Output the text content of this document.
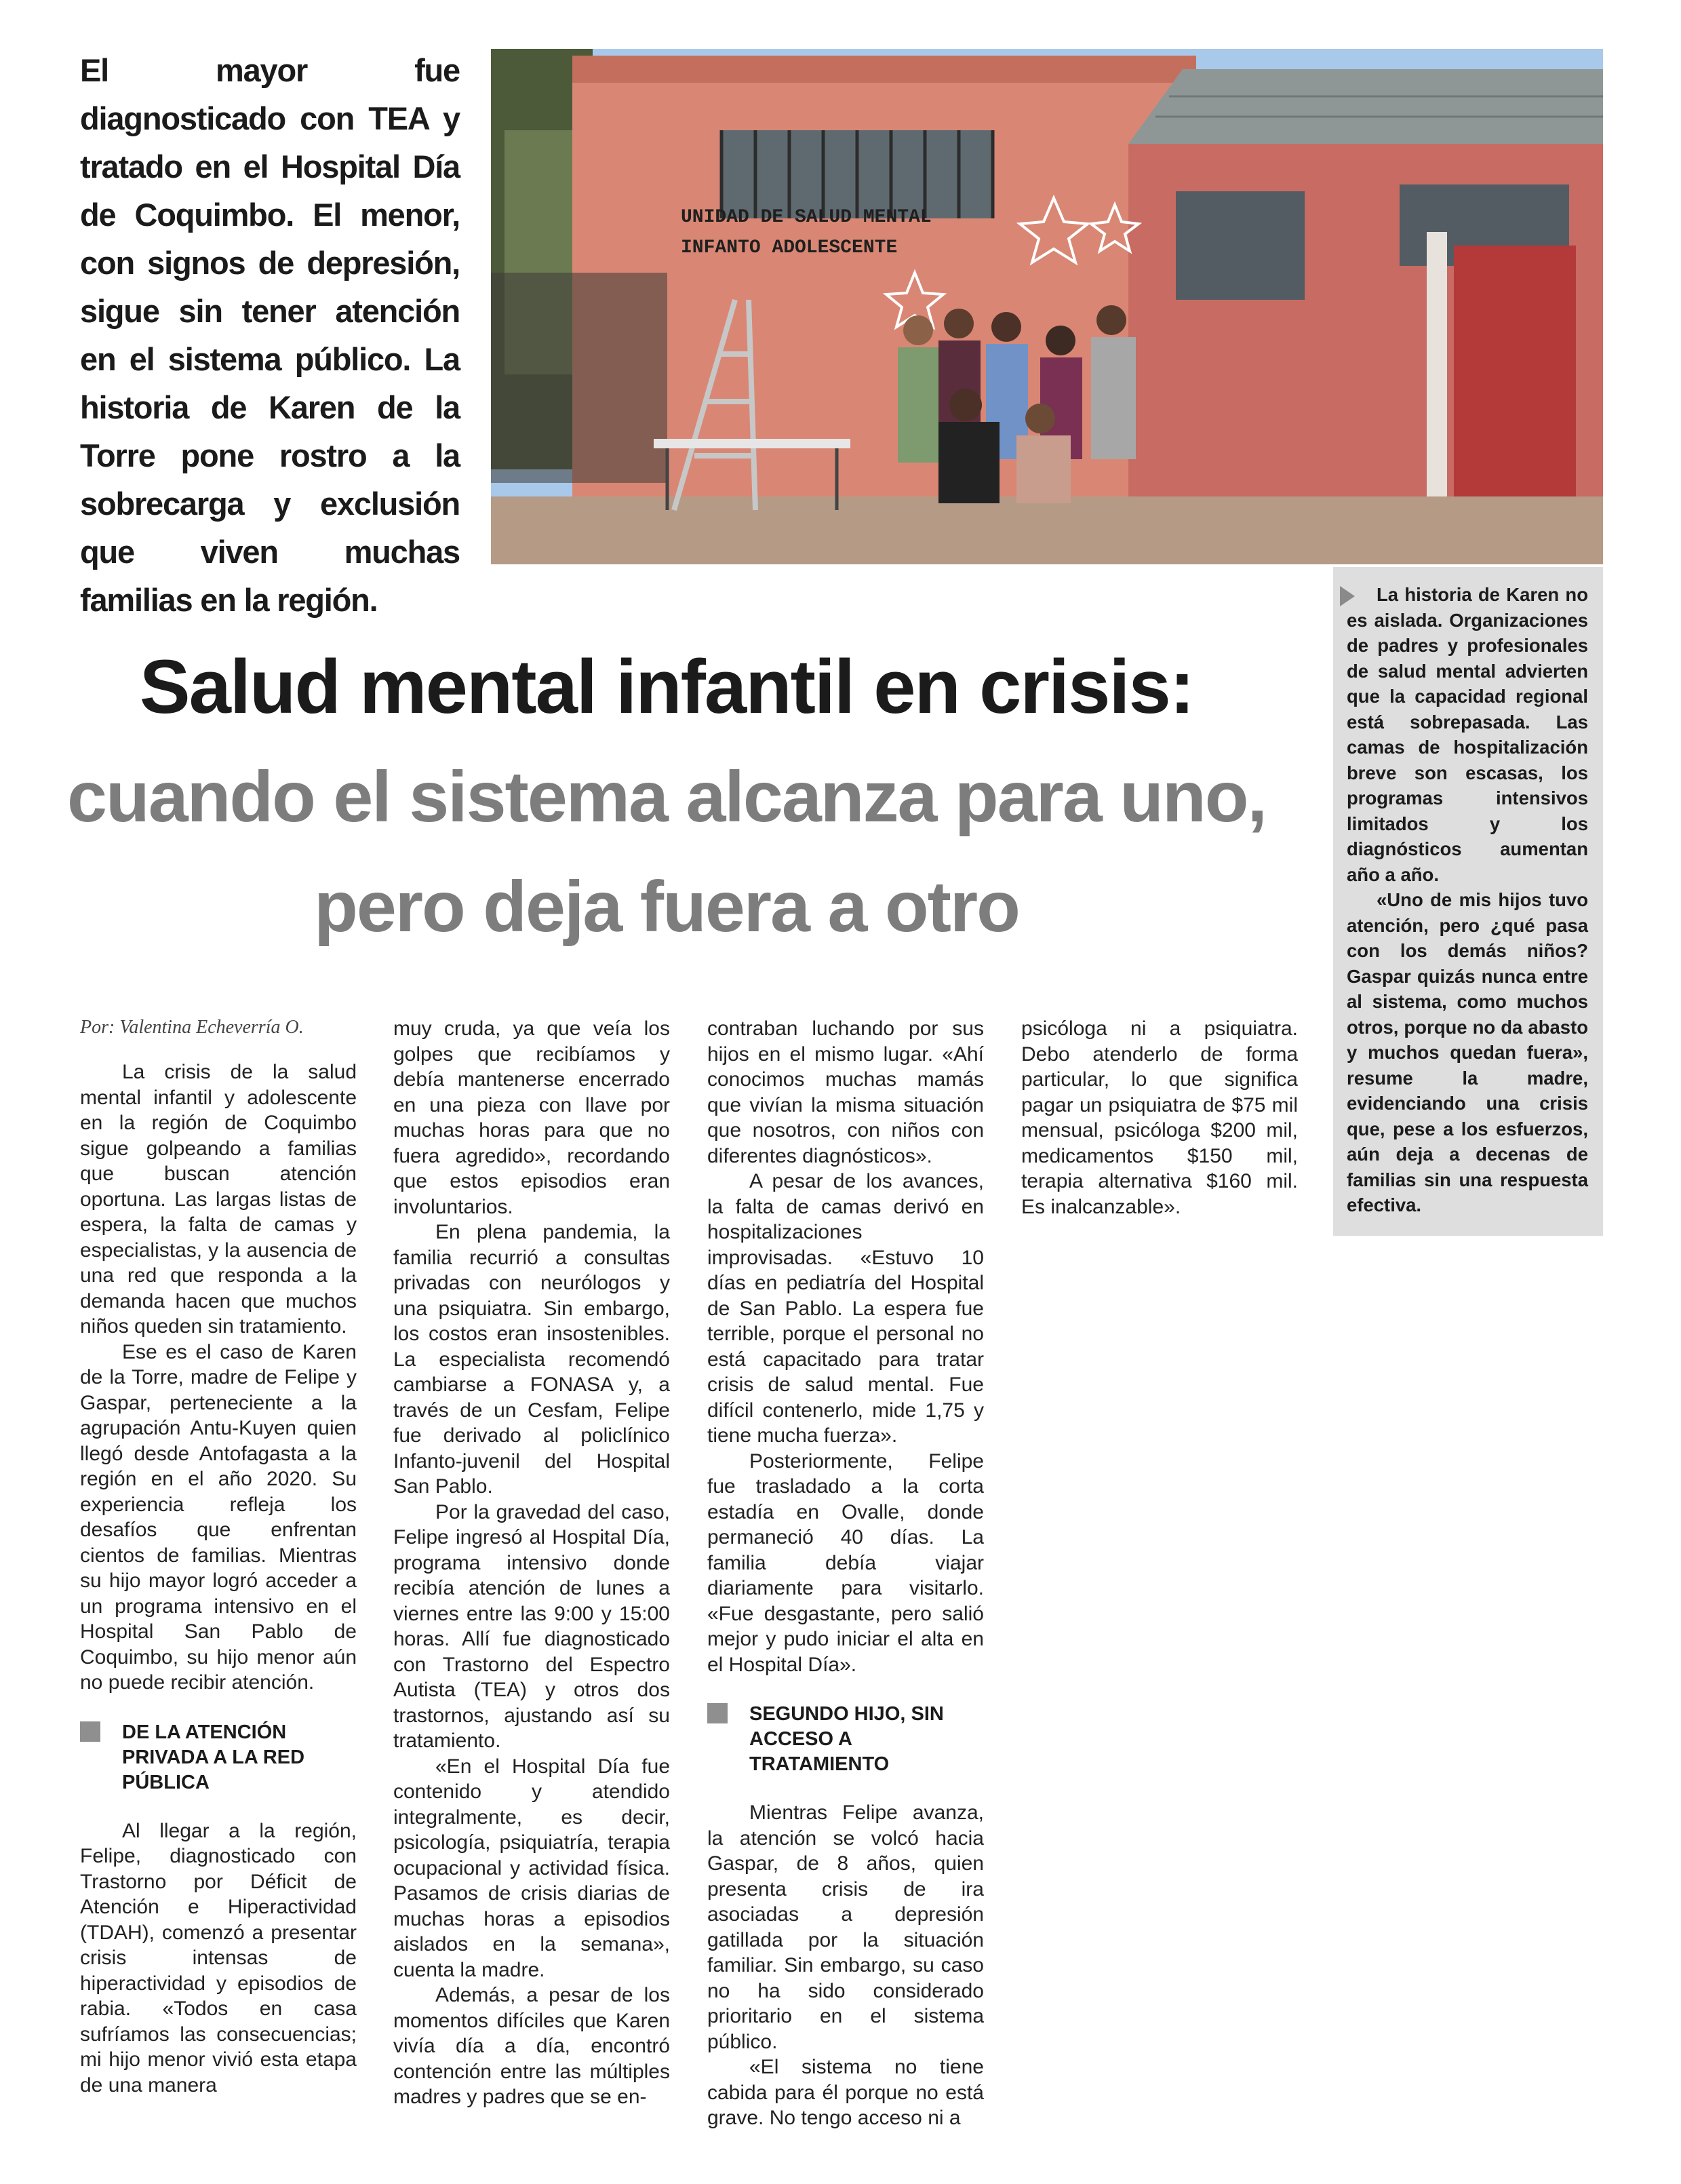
El mayor fue diagnosticado con TEA y tratado en el Hospital Día de Coquimbo. El menor, con signos de depresión, sigue sin tener atención en el sistema público. La historia de Karen de la Torre pone rostro a la sobrecarga y exclusión que viven muchas familias en la región.
UNIDAD DE SALUD MENTAL
INFANTO ADOLESCENTE

La historia de Karen no es aislada. Organizaciones de padres y profesionales de salud mental advierten que la capacidad regional está sobrepasada. Las camas de hospitalización breve son escasas, los programas intensivos limitados y los diagnósticos aumentan año a año.

«Uno de mis hijos tuvo atención, pero ¿qué pasa con los demás niños? Gaspar quizás nunca entre al sistema, como muchos otros, porque no da abasto y muchos quedan fuera», resume la madre, evidenciando una crisis que, pese a los esfuerzos, aún deja a decenas de familias sin una respuesta efectiva.

Salud mental infantil en crisis:
cuando el sistema alcanza para uno,
pero deja fuera a otro
Por: Valentina Echeverría O.

La crisis de la salud mental infantil y adolescente en la región de Coquimbo sigue golpeando a familias que buscan atención oportuna. Las largas listas de espera, la falta de camas y especialistas, y la ausencia de una red que responda a la demanda hacen que muchos niños queden sin tratamiento.

Ese es el caso de Karen de la Torre, madre de Felipe y Gaspar, perteneciente a la agrupación Antu-Kuyen quien llegó desde Antofagasta a la región en el año 2020. Su experiencia refleja los desafíos que enfrentan cientos de familias. Mientras su hijo mayor logró acceder a un programa intensivo en el Hospital San Pablo de Coquimbo, su hijo menor aún no puede recibir atención.

DE LA ATENCIÓN PRIVADA A LA RED PÚBLICA

Al llegar a la región, Felipe, diagnosticado con Trastorno por Déficit de Atención e Hiperactividad (TDAH), comenzó a presentar crisis intensas de hiperactividad y episodios de rabia. «Todos en casa sufríamos las consecuencias; mi hijo menor vivió esta etapa de una manera

muy cruda, ya que veía los golpes que recibíamos y debía mantenerse encerrado en una pieza con llave por muchas horas para que no fuera agredido», recordando que estos episodios eran involuntarios.

En plena pandemia, la familia recurrió a consultas privadas con neurólogos y una psiquiatra. Sin embargo, los costos eran insostenibles. La especialista recomendó cambiarse a FONASA y, a través de un Cesfam, Felipe fue derivado al policlínico Infanto-juvenil del Hospital San Pablo.

Por la gravedad del caso, Felipe ingresó al Hospital Día, programa intensivo donde recibía atención de lunes a viernes entre las 9:00 y 15:00 horas. Allí fue diagnosticado con Trastorno del Espectro Autista (TEA) y otros dos trastornos, ajustando así su tratamiento.

«En el Hospital Día fue contenido y atendido integralmente, es decir, psicología, psiquiatría, terapia ocupacional y actividad física. Pasamos de crisis diarias de muchas horas a episodios aislados en la semana», cuenta la madre.

Además, a pesar de los momentos difíciles que Karen vivía día a día, encontró contención entre las múltiples madres y padres que se en-

contraban luchando por sus hijos en el mismo lugar. «Ahí conocimos muchas mamás que vivían la misma situación que nosotros, con niños con diferentes diagnósticos».

A pesar de los avances, la falta de camas derivó en hospitalizaciones improvisadas. «Estuvo 10 días en pediatría del Hospital de San Pablo. La espera fue terrible, porque el personal no está capacitado para tratar crisis de salud mental. Fue difícil contenerlo, mide 1,75 y tiene mucha fuerza».

Posteriormente, Felipe fue trasladado a la corta estadía en Ovalle, donde permaneció 40 días. La familia debía viajar diariamente para visitarlo. «Fue desgastante, pero salió mejor y pudo iniciar el alta en el Hospital Día».

SEGUNDO HIJO, SIN ACCESO A TRATAMIENTO

Mientras Felipe avanza, la atención se volcó hacia Gaspar, de 8 años, quien presenta crisis de ira asociadas a depresión gatillada por la situación familiar. Sin embargo, su caso no ha sido considerado prioritario en el sistema público.

«El sistema no tiene cabida para él porque no está grave. No tengo acceso ni a

psicóloga ni a psiquiatra. Debo atenderlo de forma particular, lo que significa pagar un psiquiatra de $75 mil mensual, psicóloga $200 mil, medicamentos $150 mil, terapia alternativa $160 mil. Es inalcanzable».
